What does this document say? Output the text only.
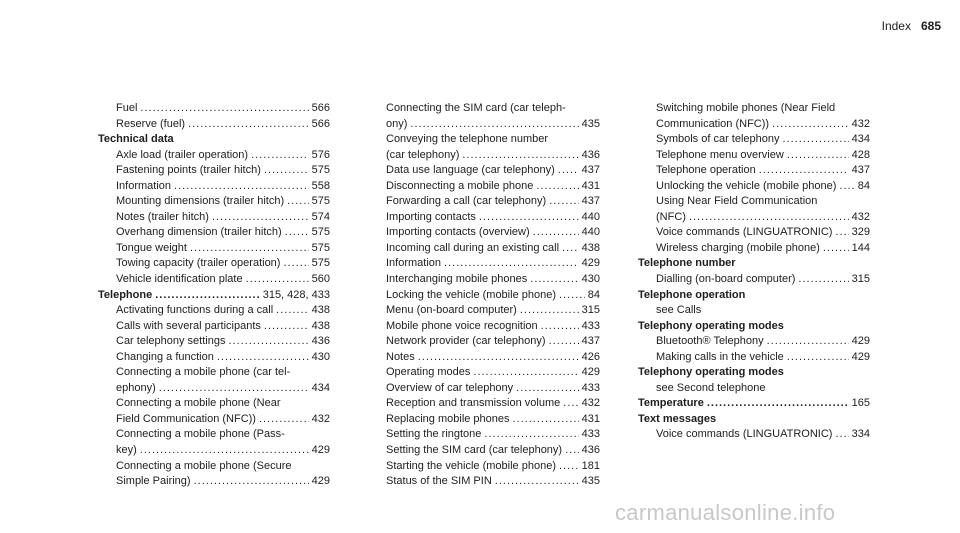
Index 685
Fuel .....	566
Reserve (fuel) .....	566
Technical data
Axle load (trailer operation) .....	576
Fastening points (trailer hitch) .....	575
Information .....	558
Mounting dimensions (trailer hitch) .....	575
Notes (trailer hitch) .....	574
Overhang dimension (trailer hitch) .....	575
Tongue weight .....	575
Towing capacity (trailer operation) .....	575
Vehicle identification plate .....	560
Telephone .....	315, 428, 433
Activating functions during a call .....	438
Calls with several participants .....	438
Car telephony settings .....	436
Changing a function .....	430
Connecting a mobile phone (car tel-
ephony) .....	434
Connecting a mobile phone (Near
Field Communication (NFC)) .....	432
Connecting a mobile phone (Pass-
key) .....	429
Connecting a mobile phone (Secure
Simple Pairing) .....	429
Connecting the SIM card (car teleph-
ony) .....	435
Conveying the telephone number
(car telephony) .....	436
Data use language (car telephony) ..... 437
Disconnecting a mobile phone .....	431
Forwarding a call (car telephony) .....	437
Importing contacts .....	440
Importing contacts (overview) .....	440
Incoming call during an existing call ..... 438
Information .....	429
Interchanging mobile phones .....	430
Locking the vehicle (mobile phone) .....	84
Menu (on-board computer) .....	315
Mobile phone voice recognition .....	433
Network provider (car telephony) .....	437
Notes .....	426
Operating modes .....	429
Overview of car telephony .....	433
Reception and transmission volume ..... 432
Replacing mobile phones .....	431
Setting the ringtone .....	433
Setting the SIM card (car telephony) ..... 436
Starting the vehicle (mobile phone) ..... 181
Status of the SIM PIN .....	435
Switching mobile phones (Near Field
Communication (NFC)) .....	432
Symbols of car telephony .....	434
Telephone menu overview .....	428
Telephone operation .....	437
Unlocking the vehicle (mobile phone) ..... 84
Using Near Field Communication
(NFC) .....	432
Voice commands (LINGUATRONIC) ..... 329
Wireless charging (mobile phone) .....	144
Telephone number
Dialling (on-board computer) .....	315
Telephone operation
see Calls
Telephony operating modes
Bluetooth® Telephony .....	429
Making calls in the vehicle .....	429
Telephony operating modes
see Second telephone
Temperature .....	165
Text messages
Voice commands (LINGUATRONIC) ..... 334
carmanualsonline.info
